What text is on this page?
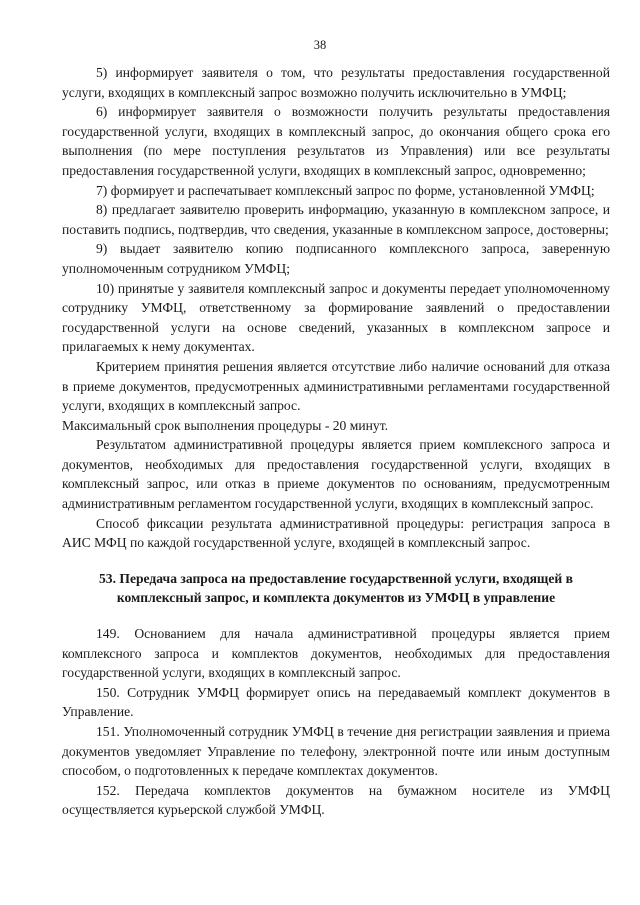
38

5) информирует заявителя о том, что результаты предоставления государственной услуги, входящих в комплексный запрос возможно получить исключительно в УМФЦ;

6) информирует заявителя о возможности получить результаты предоставления государственной услуги, входящих в комплексный запрос, до окончания общего срока его выполнения (по мере поступления результатов из Управления) или все результаты предоставления государственной услуги, входящих в комплексный запрос, одновременно;

7) формирует и распечатывает комплексный запрос по форме, установленной УМФЦ;

8) предлагает заявителю проверить информацию, указанную в комплексном запросе, и поставить подпись, подтвердив, что сведения, указанные в комплексном запросе, достоверны;

9) выдает заявителю копию подписанного комплексного запроса, заверенную уполномоченным сотрудником УМФЦ;

10) принятые у заявителя комплексный запрос и документы передает уполномоченному сотруднику УМФЦ, ответственному за формирование заявлений о предоставлении государственной услуги на основе сведений, указанных в комплексном запросе и прилагаемых к нему документах.

Критерием принятия решения является отсутствие либо наличие оснований для отказа в приеме документов, предусмотренных административными регламентами государственной услуги, входящих в комплексный запрос.

Максимальный срок выполнения процедуры - 20 минут.

Результатом административной процедуры является прием комплексного запроса и документов, необходимых для предоставления государственной услуги, входящих в комплексный запрос, или отказ в приеме документов по основаниям, предусмотренным административным регламентом государственной услуги, входящих в комплексный запрос.

Способ фиксации результата административной процедуры: регистрация запроса в АИС МФЦ по каждой государственной услуге, входящей в комплексный запрос.

53. Передача запроса на предоставление государственной услуги, входящей в комплексный запрос, и комплекта документов из УМФЦ в управление

149. Основанием для начала административной процедуры является прием комплексного запроса и комплектов документов, необходимых для предоставления государственной услуги, входящих в комплексный запрос.

150. Сотрудник УМФЦ формирует опись на передаваемый комплект документов в Управление.

151. Уполномоченный сотрудник УМФЦ в течение дня регистрации заявления и приема документов уведомляет Управление по телефону, электронной почте или иным доступным способом, о подготовленных к передаче комплектах документов.

152. Передача комплектов документов на бумажном носителе из УМФЦ осуществляется курьерской службой УМФЦ.
